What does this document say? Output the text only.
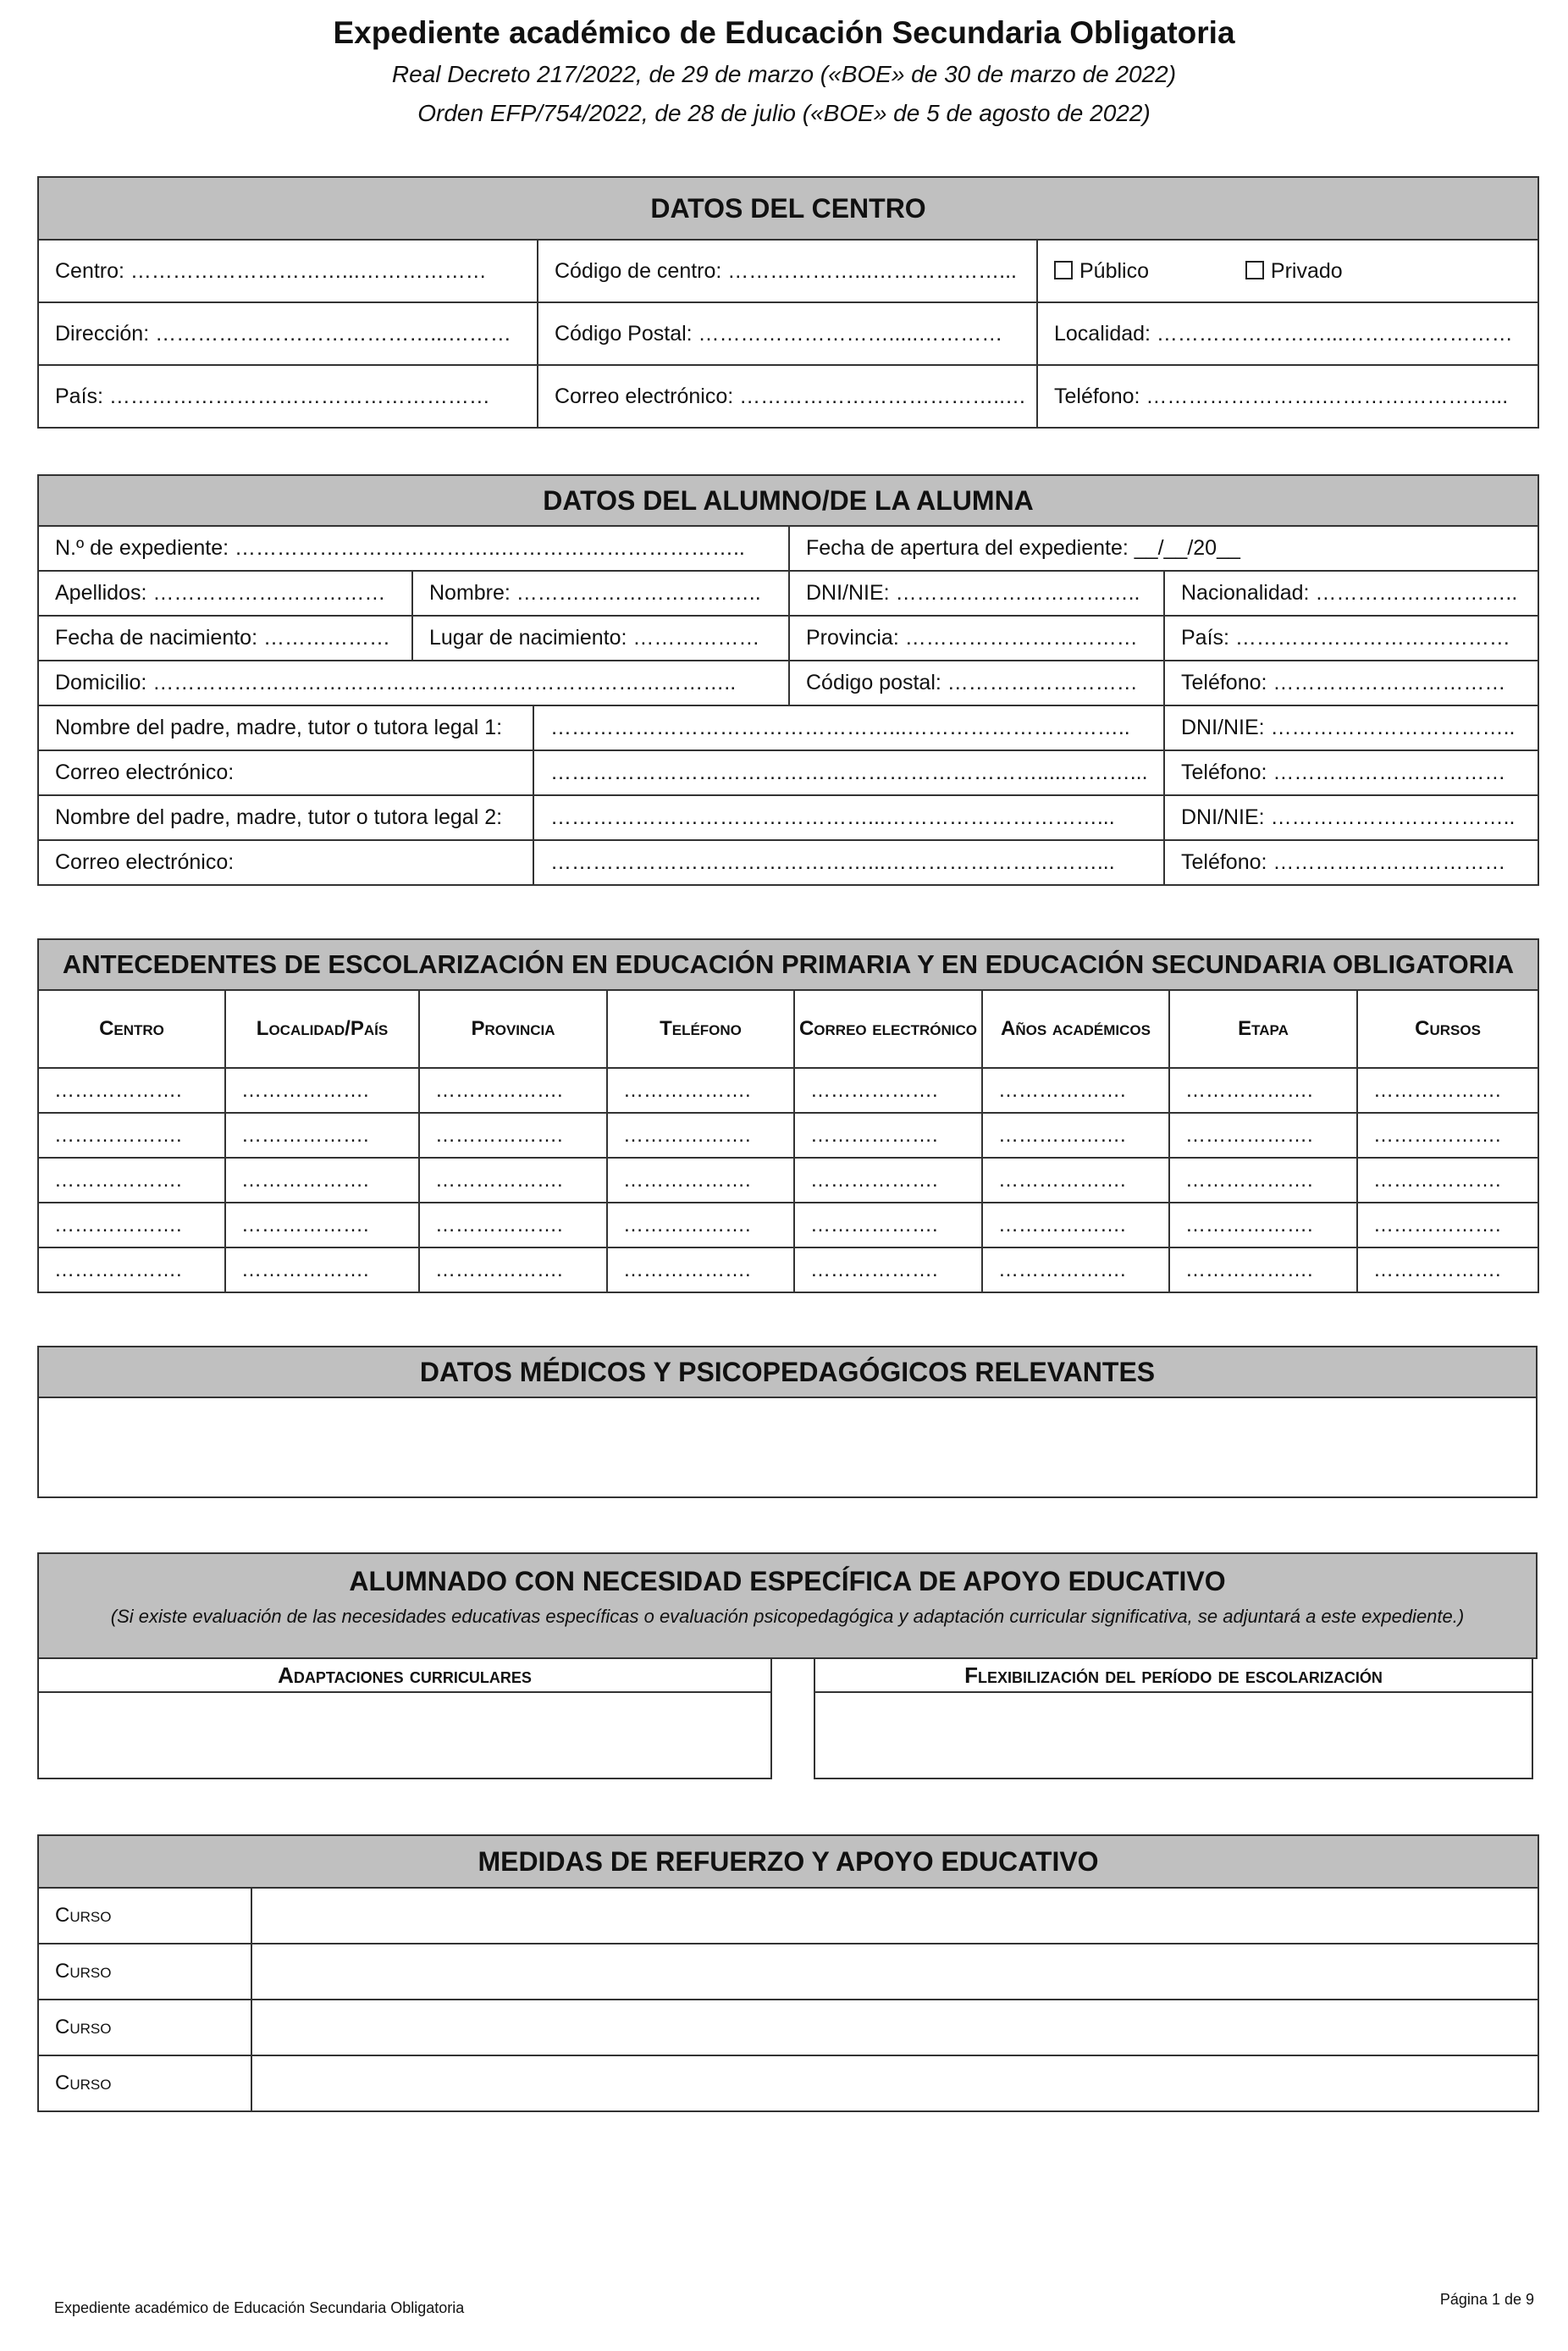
Expediente académico de Educación Secundaria Obligatoria
Real Decreto 217/2022, de 29 de marzo («BOE» de 30 de marzo de 2022)
Orden EFP/754/2022, de 28 de julio («BOE» de 5 de agosto de 2022)
DATOS DEL CENTRO		
Centro: …………………………...………………	Código de centro: ………………...………………...	Público Privado
Dirección: …………………………………...………	Código Postal: ……………………….....…………	Localidad: ……………………...……………………
País: ………………………………………………	Correo electrónico: ………………………………..…	Teléfono: …………………….……………………...
DATOS DEL ALUMNO/DE LA ALUMNA				
N.º de expediente: ………………………………..……………………………..			Fecha de apertura del expediente: __/__/20__	
Apellidos: ……………………………	Nombre: ……………………………..		DNI/NIE: ……………………………..	Nacionalidad: ………………………..
Fecha de nacimiento: ………………	Lugar de nacimiento: ………………		Provincia: ……………………………	País: …………………………………
Domicilio: ………………………………………………………………………..			Código postal: ………………………	Teléfono: ……………………………
Nombre del padre, madre, tutor o tutora legal 1:		…………………………………………...…………………………..		DNI/NIE: ……………………………..
Correo electrónico:		…………………………………………………………….....………...		Teléfono: ……………………………
Nombre del padre, madre, tutor o tutora legal 2:		………………………………………...…………………………...		DNI/NIE: ……………………………..
Correo electrónico:		………………………………………...…………………………...		Teléfono: ……………………………
ANTECEDENTES DE ESCOLARIZACIÓN EN EDUCACIÓN PRIMARIA Y EN EDUCACIÓN SECUNDARIA OBLIGATORIA							
Centro	Localidad/País	Provincia	Teléfono	Correo electrónico	Años académicos	Etapa	Cursos
……………….	……………….	……………….	……………….	……………….	……………….	……………….	……………….
……………….	……………….	……………….	……………….	……………….	……………….	……………….	……………….
……………….	……………….	……………….	……………….	……………….	……………….	……………….	……………….
……………….	……………….	……………….	……………….	……………….	……………….	……………….	……………….
……………….	……………….	……………….	……………….	……………….	……………….	……………….	……………….
DATOS MÉDICOS Y PSICOPEDAGÓGICOS RELEVANTES
ALUMNADO CON NECESIDAD ESPECÍFICA DE APOYO EDUCATIVO
(Si existe evaluación de las necesidades educativas específicas o evaluación psicopedagógica y adaptación curricular significativa, se adjuntará a este expediente.)
Adaptaciones curriculares	Flexibilización del período de escolarización
MEDIDAS DE REFUERZO Y APOYO EDUCATIVO	
Curso	
Curso	
Curso	
Curso	
Expediente académico de Educación Secundaria Obligatoria	Página 1 de 9
